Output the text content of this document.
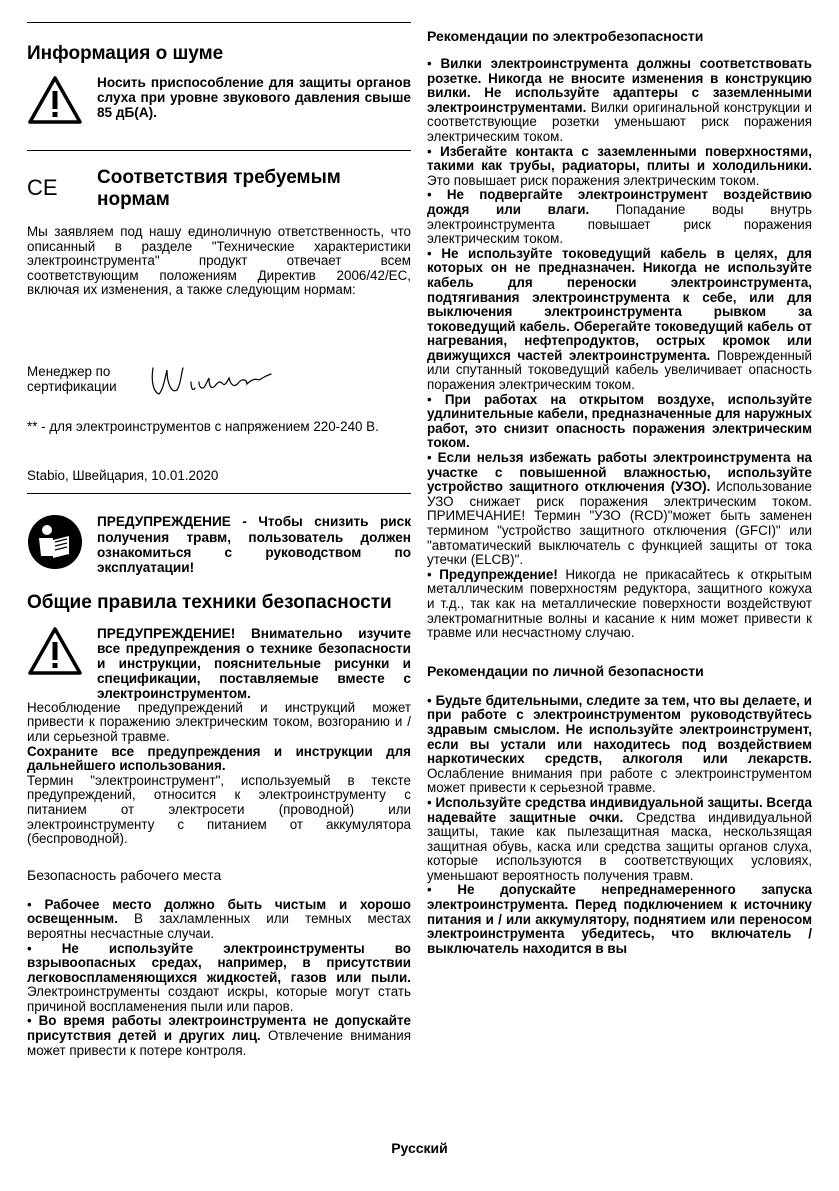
Информация о шуме

Носить приспособление для защиты органов слуха при уровне звукового давления свыше 85 дБ(А).

CE	Соответствия требуемым нормам

Мы заявляем под нашу единоличную ответственность, что описанный в разделе "Технические характеристики электроинструмента" продукт отвечает всем соответствующим положениям Директив 2006/42/EC, включая их изменения, а также следующим нормам:

Менеджер по сертификации

** - для электроинструментов с напряжением 220-240 В.

Stabio, Швейцария, 10.01.2020

ПРЕДУПРЕЖДЕНИЕ - Чтобы снизить риск получения травм, пользователь должен ознакомиться с руководством по эксплуатации!

Общие правила техники безопасности

ПРЕДУПРЕЖДЕНИЕ! Внимательно изучите все предупреждения о технике безопасности и инструкции, пояснительные рисунки и спецификации, поставляемые вместе с электроинструментом.

Несоблюдение предупреждений и инструкций может привести к поражению электрическим током, возгоранию и / или серьезной травме.

Сохраните все предупреждения и инструкции для дальнейшего использования.

Термин "электроинструмент", используемый в тексте предупреждений, относится к электроинструменту с питанием от электросети (проводной) или электроинструменту с питанием от аккумулятора (беспроводной).

Безопасность рабочего места

• Рабочее место должно быть чистым и хорошо освещенным. В захламленных или темных местах вероятны несчастные случаи.

• Не используйте электроинструменты во взрывоопасных средах, например, в присутствии легковоспламеняющихся жидкостей, газов или пыли. Электроинструменты создают искры, которые могут стать причиной воспламенения пыли или паров.

• Во время работы электроинструмента не допускайте присутствия детей и других лиц. Отвлечение внимания может привести к потере контроля.

Рекомендации по электробезопасности

• Вилки электроинструмента должны соответствовать розетке. Никогда не вносите изменения в конструкцию вилки. Не используйте адаптеры с заземленными электроинструментами. Вилки оригинальной конструкции и соответствующие розетки уменьшают риск поражения электрическим током.

• Избегайте контакта с заземленными поверхностями, такими как трубы, радиаторы, плиты и холодильники. Это повышает риск поражения электрическим током.

• Не подвергайте электроинструмент воздействию дождя или влаги. Попадание воды внутрь электроинструмента повышает риск поражения электрическим током.

• Не используйте токоведущий кабель в целях, для которых он не предназначен. Никогда не используйте кабель для переноски электроинструмента, подтягивания электроинструмента к себе, или для выключения электроинструмента рывком за токоведущий кабель. Оберегайте токоведущий кабель от нагревания, нефтепродуктов, острых кромок или движущихся частей электроинструмента. Поврежденный или спутанный токоведущий кабель увеличивает опасность поражения электрическим током.

• При работах на открытом воздухе, используйте удлинительные кабели, предназначенные для наружных работ, это снизит опасность поражения электрическим током.

• Если нельзя избежать работы электроинструмента на участке с повышенной влажностью, используйте устройство защитного отключения (УЗО). Использование УЗО снижает риск поражения электрическим током. ПРИМЕЧАНИЕ! Термин "УЗО (RCD)"может быть заменен термином "устройство защитного отключения (GFCI)" или "автоматический выключатель с функцией защиты от тока утечки (ELCB)".

• Предупреждение! Никогда не прикасайтесь к открытым металлическим поверхностям редуктора, защитного кожуха и т.д., так как на металлические поверхности воздействуют электромагнитные волны и касание к ним может привести к травме или несчастному случаю.

Рекомендации по личной безопасности

• Будьте бдительными, следите за тем, что вы делаете, и при работе с электроинструментом руководствуйтесь здравым смыслом. Не используйте электроинструмент, если вы устали или находитесь под воздействием наркотических средств, алкоголя или лекарств. Ослабление внимания при работе с электроинструментом может привести к серьезной травме.

• Используйте средства индивидуальной защиты. Всегда надевайте защитные очки. Средства индивидуальной защиты, такие как пылезащитная маска, нескользящая защитная обувь, каска или средства защиты органов слуха, которые используются в соответствующих условиях, уменьшают вероятность получения травм.

• Не допускайте непреднамеренного запуска электроинструмента. Перед подключением к источнику питания и / или аккумулятору, поднятием или переносом электроинструмента убедитесь, что включатель / выключатель находится в вы

Русский
